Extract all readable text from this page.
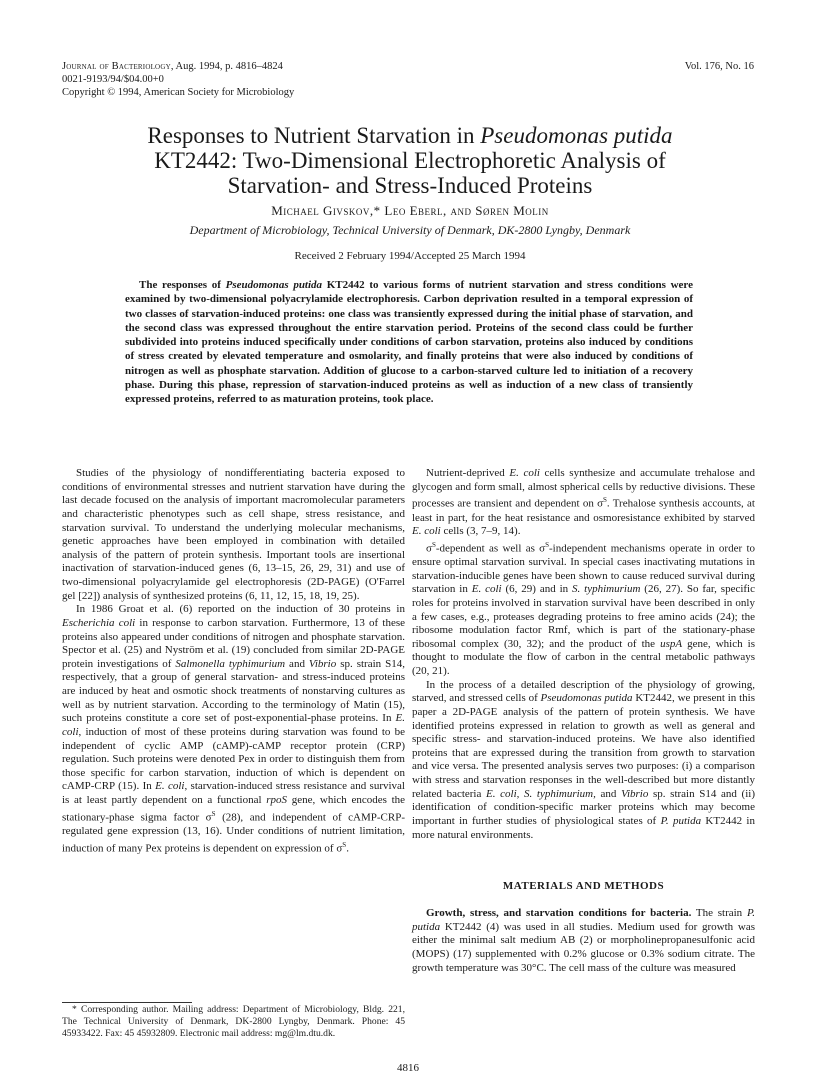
Journal of Bacteriology, Aug. 1994, p. 4816–4824
0021-9193/94/$04.00+0
Copyright © 1994, American Society for Microbiology
Vol. 176, No. 16
Responses to Nutrient Starvation in Pseudomonas putida
KT2442: Two-Dimensional Electrophoretic Analysis of
Starvation- and Stress-Induced Proteins
Michael Givskov,* Leo Eberl, and Søren Molin
Department of Microbiology, Technical University of Denmark, DK-2800 Lyngby, Denmark
Received 2 February 1994/Accepted 25 March 1994
The responses of Pseudomonas putida KT2442 to various forms of nutrient starvation and stress conditions were examined by two-dimensional polyacrylamide electrophoresis. Carbon deprivation resulted in a temporal expression of two classes of starvation-induced proteins: one class was transiently expressed during the initial phase of starvation, and the second class was expressed throughout the entire starvation period. Proteins of the second class could be further subdivided into proteins induced specifically under conditions of carbon starvation, proteins also induced by conditions of stress created by elevated temperature and osmolarity, and finally proteins that were also induced by conditions of nitrogen as well as phosphate starvation. Addition of glucose to a carbon-starved culture led to initiation of a recovery phase. During this phase, repression of starvation-induced proteins as well as induction of a new class of transiently expressed proteins, referred to as maturation proteins, took place.

Studies of the physiology of nondifferentiating bacteria exposed to conditions of environmental stresses and nutrient starvation have during the last decade focused on the analysis of important macromolecular parameters and characteristic phenotypes such as cell shape, stress resistance, and starvation survival. To understand the underlying molecular mechanisms, genetic approaches have been employed in combination with detailed analysis of the pattern of protein synthesis. Important tools are insertional inactivation of starvation-induced genes (6, 13–15, 26, 29, 31) and use of two-dimensional polyacrylamide gel electrophoresis (2D-PAGE) (O'Farrel gel [22]) analysis of synthesized proteins (6, 11, 12, 15, 18, 19, 25).

In 1986 Groat et al. (6) reported on the induction of 30 proteins in Escherichia coli in response to carbon starvation. Furthermore, 13 of these proteins also appeared under conditions of nitrogen and phosphate starvation. Spector et al. (25) and Nyström et al. (19) concluded from similar 2D-PAGE protein investigations of Salmonella typhimurium and Vibrio sp. strain S14, respectively, that a group of general starvation- and stress-induced proteins are induced by heat and osmotic shock treatments of nonstarving cultures as well as by nutrient starvation. According to the terminology of Matin (15), such proteins constitute a core set of post-exponential-phase proteins. In E. coli, induction of most of these proteins during starvation was found to be independent of cyclic AMP (cAMP)-cAMP receptor protein (CRP) regulation. Such proteins were denoted Pex in order to distinguish them from those specific for carbon starvation, induction of which is dependent on cAMP-CRP (15). In E. coli, starvation-induced stress resistance and survival is at least partly dependent on a functional rpoS gene, which encodes the stationary-phase sigma factor $\sigma^S$ (28), and independent of cAMP-CRP-regulated gene expression (13, 16). Under conditions of nutrient limitation, induction of many Pex proteins is dependent on expression of $\sigma^S$.

* Corresponding author. Mailing address: Department of Microbiology, Bldg. 221, The Technical University of Denmark, DK-2800 Lyngby, Denmark. Phone: 45 45933422. Fax: 45 45932809. Electronic mail address: mg@lm.dtu.dk.

Nutrient-deprived E. coli cells synthesize and accumulate trehalose and glycogen and form small, almost spherical cells by reductive divisions. These processes are transient and dependent on $\sigma^S$. Trehalose synthesis accounts, at least in part, for the heat resistance and osmoresistance exhibited by starved E. coli cells (3, 7–9, 14).

$\sigma^S$-dependent as well as $\sigma^S$-independent mechanisms operate in order to ensure optimal starvation survival. In special cases inactivating mutations in starvation-inducible genes have been shown to cause reduced survival during starvation in E. coli (6, 29) and in S. typhimurium (26, 27). So far, specific roles for proteins involved in starvation survival have been described in only a few cases, e.g., proteases degrading proteins to free amino acids (24); the ribosome modulation factor Rmf, which is part of the stationary-phase ribosomal complex (30, 32); and the product of the uspA gene, which is thought to modulate the flow of carbon in the central metabolic pathways (20, 21).

In the process of a detailed description of the physiology of growing, starved, and stressed cells of Pseudomonas putida KT2442, we present in this paper a 2D-PAGE analysis of the pattern of protein synthesis. We have identified proteins expressed in relation to growth as well as general and specific stress- and starvation-induced proteins. We have also identified proteins that are expressed during the transition from growth to starvation and vice versa. The presented analysis serves two purposes: (i) a comparison with stress and starvation responses in the well-described but more distantly related bacteria E. coli, S. typhimurium, and Vibrio sp. strain S14 and (ii) identification of condition-specific marker proteins which may become important in further studies of physiological states of P. putida KT2442 in more natural environments.

MATERIALS AND METHODS

Growth, stress, and starvation conditions for bacteria. The strain P. putida KT2442 (4) was used in all studies. Medium used for growth was either the minimal salt medium AB (2) or morpholinepropanesulfonic acid (MOPS) (17) supplemented with 0.2% glucose or 0.3% sodium citrate. The growth temperature was 30°C. The cell mass of the culture was measured

4816
